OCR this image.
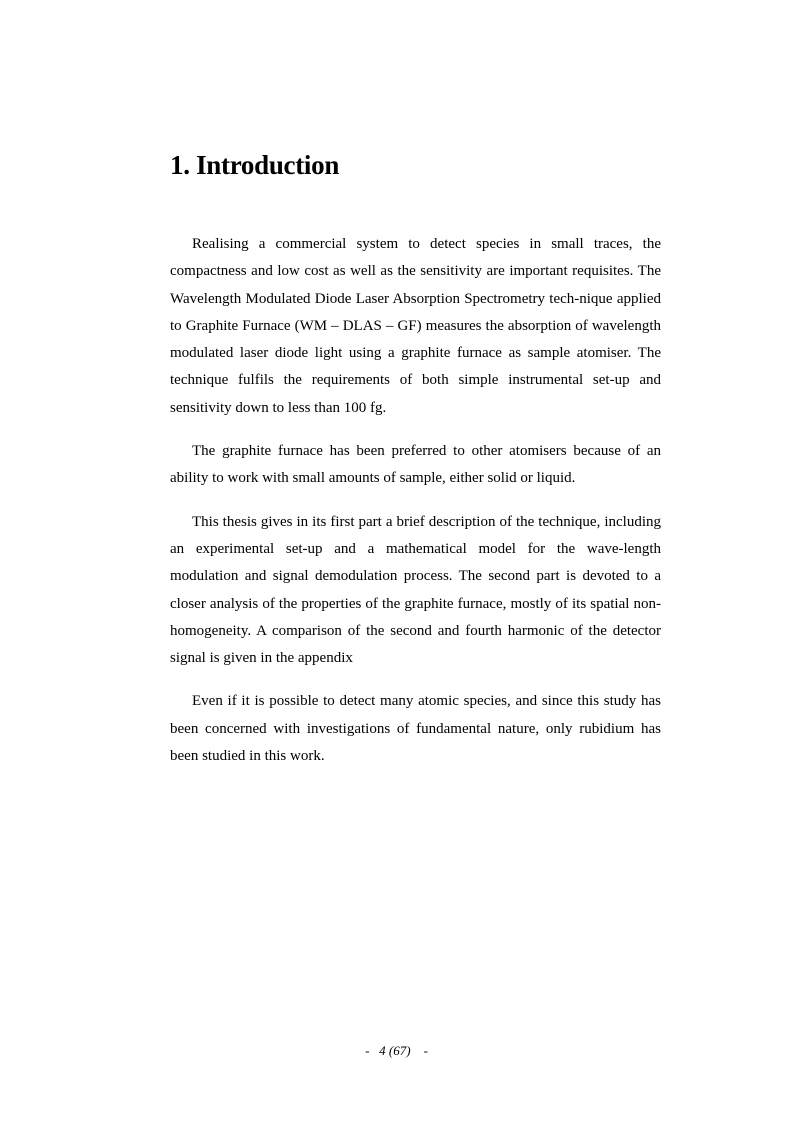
1. Introduction

Realising a commercial system to detect species in small traces, the compactness and low cost as well as the sensitivity are important requisites. The Wavelength Modulated Diode Laser Absorption Spectrometry tech-nique applied to Graphite Furnace (WM – DLAS – GF) measures the absorption of wavelength modulated laser diode light using a graphite furnace as sample atomiser. The technique fulfils the requirements of both simple instrumental set-up and sensitivity down to less than 100 fg.

The graphite furnace has been preferred to other atomisers because of an ability to work with small amounts of sample, either solid or liquid.

This thesis gives in its first part a brief description of the technique, including an experimental set-up and a mathematical model for the wave-length modulation and signal demodulation process. The second part is devoted to a closer analysis of the properties of the graphite furnace, mostly of its spatial non-homogeneity. A comparison of the second and fourth harmonic of the detector signal is given in the appendix

Even if it is possible to detect many atomic species, and since this study has been concerned with investigations of fundamental nature, only rubidium has been studied in this work.

- 4 (67) -
